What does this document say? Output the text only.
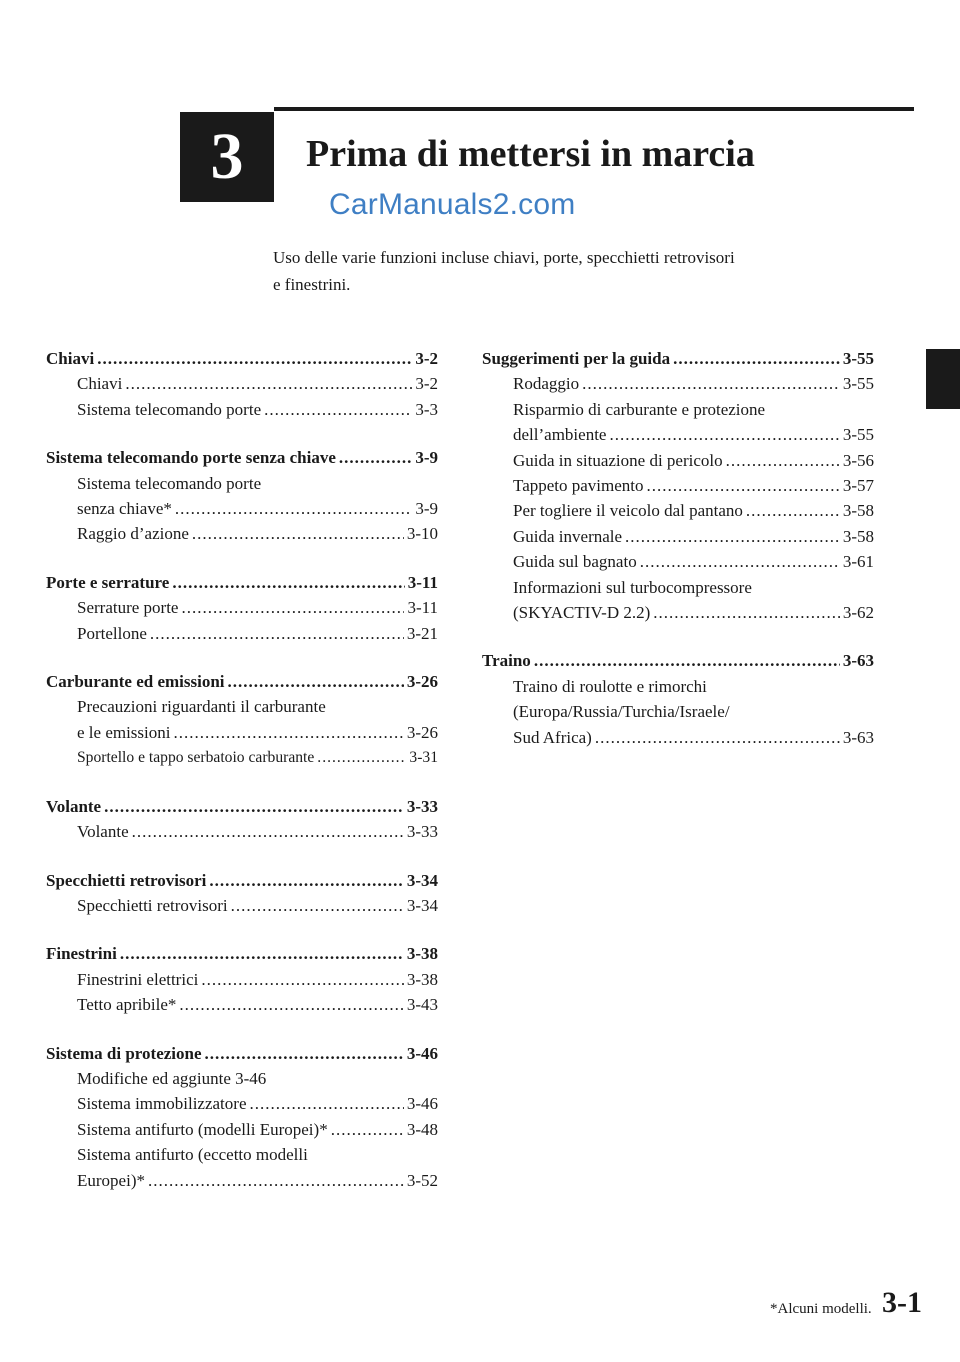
3 Prima di mettersi in marcia
CarManuals2.com

Uso delle varie funzioni incluse chiavi, porte, specchietti retrovisori

e finestrini.

Chiavi .....	3-2
Chiavi .....	3-2
Sistema telecomando porte .....	3-3
Sistema telecomando porte senza chiave .....	3-9
Sistema telecomando porte
senza chiave* .....	3-9
Raggio d’azione .....	3-10
Porte e serrature .....	3-11
Serrature porte .....	3-11
Portellone .....	3-21
Carburante ed emissioni .....	3-26
Precauzioni riguardanti il carburante
e le emissioni .....	3-26
Sportello e tappo serbatoio carburante .....	3-31
Volante .....	3-33
Volante .....	3-33
Specchietti retrovisori .....	3-34
Specchietti retrovisori .....	3-34
Finestrini .....	3-38
Finestrini elettrici .....	3-38
Tetto apribile* .....	3-43
Sistema di protezione .....	3-46
Modifiche ed aggiunte 3-46
Sistema immobilizzatore .....	3-46
Sistema antifurto (modelli Europei)* .....	3-48
Sistema antifurto (eccetto modelli
Europei)* .....	3-52
Suggerimenti per la guida .....	3-55
Rodaggio .....	3-55
Risparmio di carburante e protezione
dell’ambiente .....	3-55
Guida in situazione di pericolo .....	3-56
Tappeto pavimento .....	3-57
Per togliere il veicolo dal pantano .....	3-58
Guida invernale .....	3-58
Guida sul bagnato .....	3-61
Informazioni sul turbocompressore
(SKYACTIV-D 2.2) .....	3-62
Traino .....	3-63
Traino di roulotte e rimorchi
(Europa/Russia/Turchia/Israele/
Sud Africa) .....	3-63
*Alcuni modelli. 3-1
